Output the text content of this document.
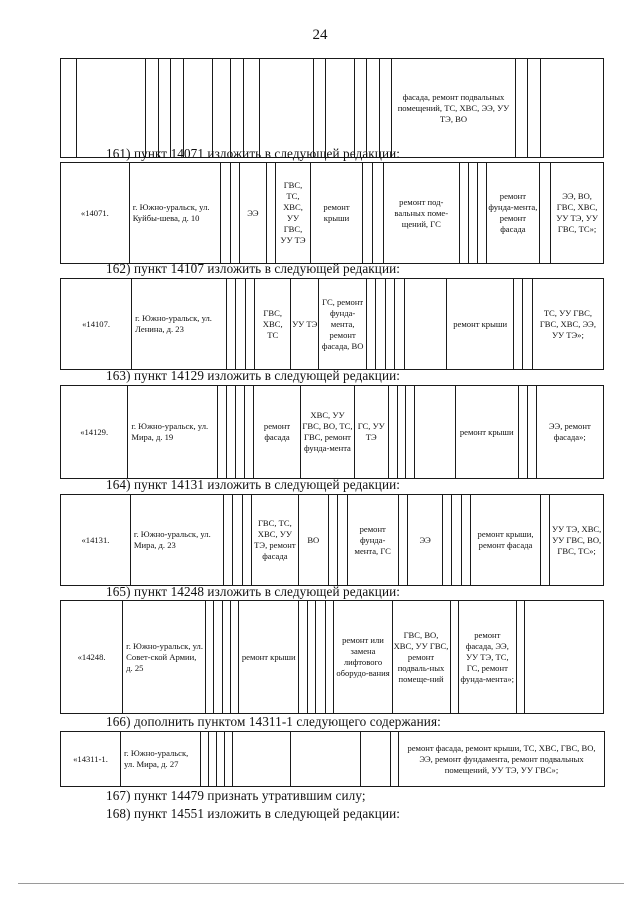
24
															фасада, ремонт подвальных помещений, ТС, ХВС, ЭЭ, УУ ТЭ, ВО			
161) пункт 14071 изложить в следующей редакции:
«14071.	г. Южно-уральск, ул. Куйбы-шева, д. 10			ЭЭ		ГВС, ТС, ХВС, УУ ГВС, УУ ТЭ	ремонт крыши			ремонт под-вальных поме-щений, ГС				ремонт фунда-мента, ремонт фасада		ЭЭ, ВО, ГВС, ХВС, УУ ТЭ, УУ ГВС, ТС»;
162) пункт 14107 изложить в следующей редакции:
«14107.	г. Южно-уральск, ул. Ленина, д. 23				ГВС, ХВС, ТС	УУ ТЭ	ГС, ремонт фунда-мента, ремонт фасада, ВО						ремонт крыши			ТС, УУ ГВС, ГВС, ХВС, ЭЭ, УУ ТЭ»;
163) пункт 14129 изложить в следующей редакции:
«14129.	г. Южно-уральск, ул. Мира, д. 19					ремонт фасада	ХВС, УУ ГВС, ВО, ТС, ГВС, ремонт фунда-мента	ГС, УУ ТЭ					ремонт крыши			ЭЭ, ремонт фасада»;
164) пункт 14131 изложить в следующей редакции:
«14131.	г. Южно-уральск, ул. Мира, д. 23				ГВС, ТС, ХВС, УУ ТЭ, ремонт фасада	ВО			ремонт фунда-мента, ГС		ЭЭ				ремонт крыши, ремонт фасада		УУ ТЭ, ХВС, УУ ГВС, ВО, ГВС, ТС»;
165) пункт 14248 изложить в следующей редакции:
«14248.	г. Южно-уральск, ул. Совет-ской Армии, д. 25					ремонт крыши					ремонт или замена лифтового оборудо-вания	ГВС, ВО, ХВС, УУ ГВС, ремонт подваль-ных помеще-ний		ремонт фасада, ЭЭ, УУ ТЭ, ТС, ГС, ремонт фунда-мента»;		
166) дополнить пунктом 14311-1 следующего содержания:
«14311-1.	г. Южно-уральск, ул. Мира, д. 27									ремонт фасада, ремонт крыши, ТС, ХВС, ГВС, ВО, ЭЭ, ремонт фундамента, ремонт подвальных помещений, УУ ТЭ, УУ ГВС»;
167) пункт 14479 признать утратившим силу;
168) пункт 14551 изложить в следующей редакции:
